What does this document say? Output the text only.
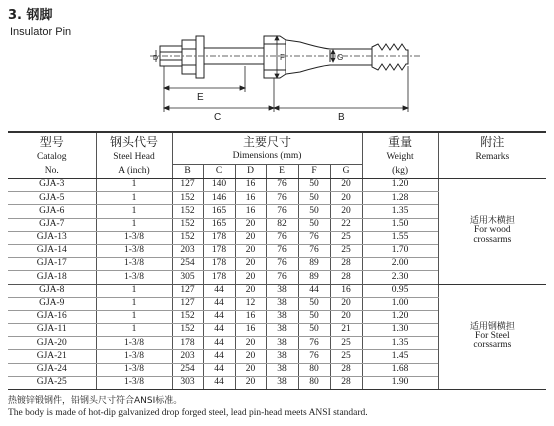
3. 钢脚
Insulator Pin
E
C	B
G
F
D
型号	钢头代号	主要尺寸						重量	附注
Catalog	Steel Head	Dimensions (mm)						Weight	Remarks
No.	A (inch)	B	C	D	E	F	G	(kg)	
GJA-3	1	127	140	16	76	50	20	1.20	适用木横担
For wood
crossarms

GJA-5	1	152	146	16	76	50	20	1.28	
GJA-6	1	152	165	16	76	50	20	1.35	
GJA-7	1	152	165	20	82	50	22	1.50	
GJA-13	1-3/8	152	178	20	76	76	25	1.55	
GJA-14	1-3/8	203	178	20	76	76	25	1.70	
GJA-17	1-3/8	254	178	20	76	89	28	2.00	
GJA-18	1-3/8	305	178	20	76	89	28	2.30	
GJA-8	1	127	44	20	38	44	16	0.95	适用钢横担
For Steel
corssarms

GJA-9	1	127	44	12	38	50	20	1.00	
GJA-16	1	152	44	16	38	50	20	1.20	
GJA-11	1	152	44	16	38	50	21	1.30	
GJA-20	1-3/8	178	44	20	38	76	25	1.35	
GJA-21	1-3/8	203	44	20	38	76	25	1.45	
GJA-24	1-3/8	254	44	20	38	80	28	1.68	
GJA-25	1-3/8	303	44	20	38	80	28	1.90	
热镀锌锻钢件，铅钢头尺寸符合ANSI标准。
The body is made of hot-dip galvanized drop forged steel, lead pin-head meets ANSI standard.
